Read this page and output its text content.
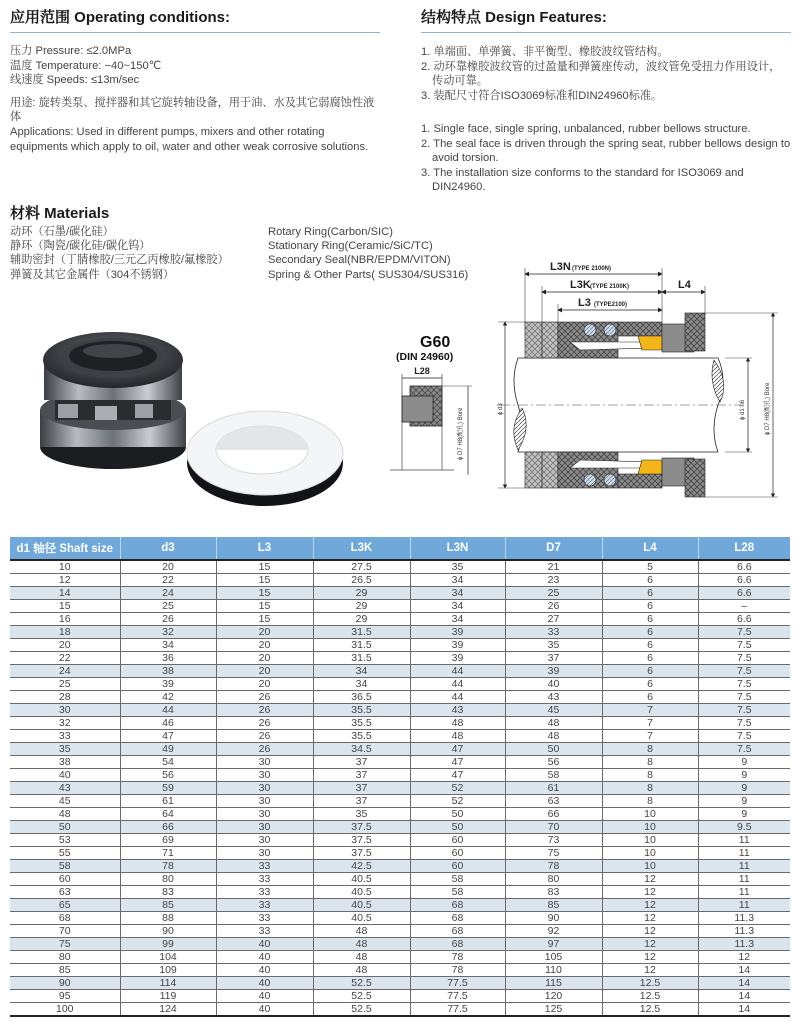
应用范围 Operating conditions:
压力 Pressure: ≤2.0MPa
温度 Temperature: −40~150℃
线速度 Speeds: ≤13m/sec
用途: 旋转类泵、搅拌器和其它旋转轴设备，用于油、水及其它弱腐蚀性液体
Applications: Used in different pumps, mixers and other rotating equipments which apply to oil, water and other weak corrosive solutions.
结构特点 Design Features:
1. 单端面、单弹簧、非平衡型、橡胶波纹管结构。
2. 动环靠橡胶波纹管的过盈量和弹簧座传动，波纹管免受扭力作用设计，传动可靠。
3. 装配尺寸符合ISO3069标准和DIN24960标准。
1. Single face, single spring, unbalanced, rubber bellows structure.
2. The seal face is driven through the spring seat, rubber bellows design to avoid torsion.
3. The installation size conforms to the standard for ISO3069 and DIN24960.
材料 Materials
动环（石墨/碳化硅）	Rotary Ring(Carbon/SIC)
静环（陶瓷/碳化硅/碳化钨）	Stationary Ring(Ceramic/SiC/TC)
辅助密封（丁腈橡胶/三元乙丙橡胶/氟橡胶）	Secondary Seal(NBR/EPDM/VITON)
弹簧及其它金属件（304不锈钢）	Spring & Other Parts( SUS304/SUS316)
G60
(DIN 24960)
L28
ϕ D7 H8(配孔) Bore
L3N (TYPE 2100N)
L3K (TYPE 2100K)
L3 (TYPE2100)
L4
ϕ d3	ϕ d1 h6	ϕ D7 H8(配孔) Bore
d1 轴径 Shaft size	d3	L3	L3K	L3N	D7	L4	L28
10	20	15	27.5	35	21	5	6.6
12	22	15	26.5	34	23	6	6.6
14	24	15	29	34	25	6	6.6
15	25	15	29	34	26	6	–
16	26	15	29	34	27	6	6.6
18	32	20	31.5	39	33	6	7.5
20	34	20	31.5	39	35	6	7.5
22	36	20	31.5	39	37	6	7.5
24	38	20	34	44	39	6	7.5
25	39	20	34	44	40	6	7.5
28	42	26	36.5	44	43	6	7.5
30	44	26	35.5	43	45	7	7.5
32	46	26	35.5	48	48	7	7.5
33	47	26	35.5	48	48	7	7.5
35	49	26	34.5	47	50	8	7.5
38	54	30	37	47	56	8	9
40	56	30	37	47	58	8	9
43	59	30	37	52	61	8	9
45	61	30	37	52	63	8	9
48	64	30	35	50	66	10	9
50	66	30	37.5	50	70	10	9.5
53	69	30	37.5	60	73	10	11
55	71	30	37.5	60	75	10	11
58	78	33	42.5	60	78	10	11
60	80	33	40.5	58	80	12	11
63	83	33	40.5	58	83	12	11
65	85	33	40.5	68	85	12	11
68	88	33	40.5	68	90	12	11.3
70	90	33	48	68	92	12	11.3
75	99	40	48	68	97	12	11.3
80	104	40	48	78	105	12	12
85	109	40	48	78	110	12	14
90	114	40	52.5	77.5	115	12.5	14
95	119	40	52.5	77.5	120	12.5	14
100	124	40	52.5	77.5	125	12.5	14
